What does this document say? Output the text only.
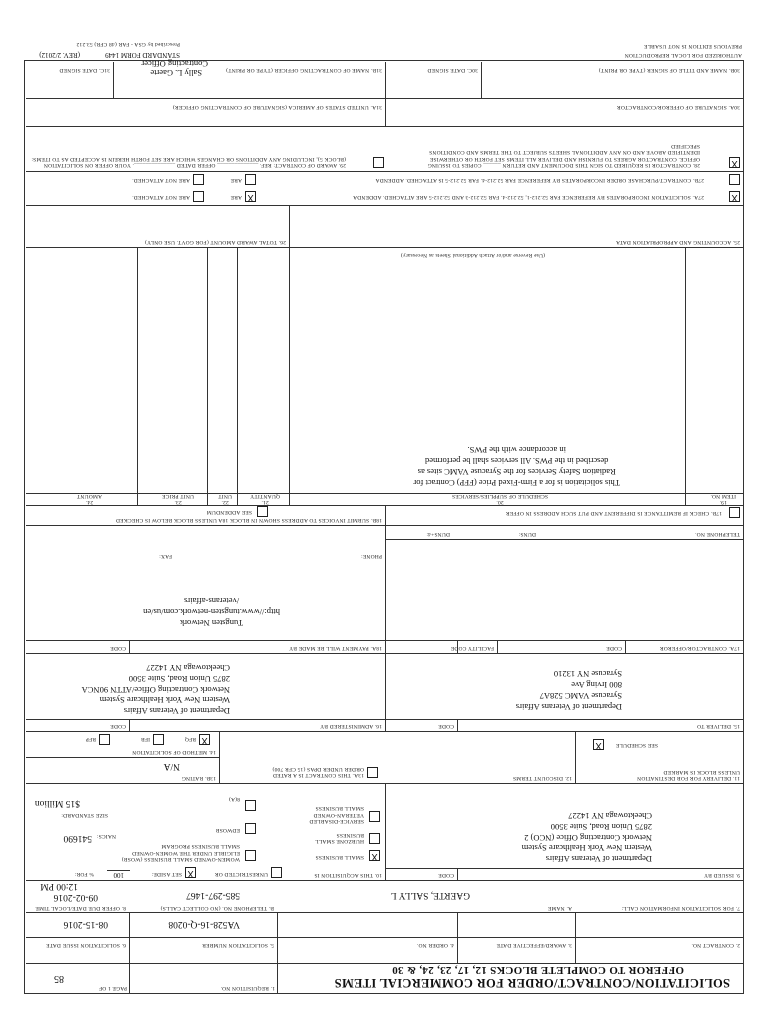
SOLICITATION/CONTRACT/ORDER FOR COMMERCIAL ITEMS
OFFEROR TO COMPLETE BLOCKS 12, 17, 23, 24, & 30
1. REQUISITION NO.
PAGE 1 OF
85
2. CONTRACT NO.
3. AWARD/EFFECTIVE DATE
4. ORDER NO.
5. SOLICITATION NUMBER
VA528-16-Q-0208
6. SOLICITATION ISSUE DATE
08-15-2016
7. FOR SOLICITATION INFORMATION CALL:
A. NAME
GAERTE, SALLY L
B. TELEPHONE NO. (NO COLLECT CALLS)
585-297-1467
8. OFFER DUE DATE/LOCAL TIME
09-02-2016
12:00 PM
9. ISSUED BY
CODE
Department of Veterans Affairs
Western New York Healthcare System
Network Contracting Office (NCO) 2
2875 Union Road, Suite 3500
Cheektowaga NY 14227
10. THIS ACQUISITION IS
UNRESTRICTED OR
X
SET ASIDE:
100
% FOR:
X
SMALL BUSINESS
HUBZONE SMALL BUSINESS
SERVICE-DISABLED VETERAN-OWNED SMALL BUSINESS
WOMEN-OWNED SMALL BUSINESS (WOSB) ELIGIBLE UNDER THE WOMEN-OWNED SMALL BUSINESS PROGRAM
EDWOSB
8(A)
NAICS:
541690
SIZE STANDARD:
$15 Million
11. DELIVERY FOR FOB DESTINATION UNLESS BLOCK IS MARKED
X	SEE SCHEDULE
12. DISCOUNT TERMS
13A. THIS CONTRACT IS A RATED ORDER UNDER DPAS (15 CFR 700)
13B. RATING
N/A
14. METHOD OF SOLICITATION
X
RFQ
IFB
RFP
15. DELIVER TO
CODE
Department of Veterans Affairs
Syracuse VAMC 528A7
800 Irving Ave
Syracuse NY 13210
16. ADMINISTERED BY
CODE
Department of Veterans Affairs
Western New York Healthcare System
Network Contracting Office/ATTN 90NCA
2875 Union Road, Suite 3500
Cheektowaga NY 14227
17A. CONTRACTOR/OFFEROR
CODE
FACILITY CODE
18A. PAYMENT WILL BE MADE BY
CODE
Tungsten Network
http://www.tungsten-network.com/us/en
/veterans-affairs
PHONE:
FAX:
TELEPHONE NO.
DUNS:
DUNS+4:
17B. CHECK IF REMITTANCE IS DIFFERENT AND PUT SUCH ADDRESS IN OFFER
18B. SUBMIT INVOICES TO ADDRESS SHOWN IN BLOCK 18A UNLESS BLOCK BELOW IS CHECKED
SEE ADDENDUM
19.
ITEM NO.
20.
SCHEDULE OF SUPPLIES/SERVICES
21.
QUANTITY
22.
UNIT
23.
UNIT PRICE
24.
AMOUNT
This solicitation is for a Firm-Fixed Price (FFP) Contract for
Radiation Safety Services for the Syracuse VAMC sites as
described in the PWS. All services shall be performed
in accordance with the PWS.
(Use Reverse and/or Attach Additional Sheets as Necessary)
25. ACCOUNTING AND APPROPRIATION DATA
26. TOTAL AWARD AMOUNT (FOR GOVT. USE ONLY)
X
27A. SOLICITATION INCORPORATES BY REFERENCE FAR 52.212-1, 52.212-4. FAR 52.212-3 AND 52.212-5 ARE ATTACHED. ADDENDA
X
ARE
ARE NOT ATTACHED.
27B. CONTRACT/PURCHASE ORDER INCORPORATES BY REFERENCE FAR 52.212-4. FAR 52.212-5 IS ATTACHED. ADDENDA
ARE
ARE NOT ATTACHED.
X
28. CONTRACTOR IS REQUIRED TO SIGN THIS DOCUMENT AND RETURN ______ COPIES TO ISSUING OFFICE. CONTRACTOR AGREES TO FURNISH AND DELIVER ALL ITEMS SET FORTH OR OTHERWISE IDENTIFIED ABOVE AND ON ANY ADDITIONAL SHEETS SUBJECT TO THE TERMS AND CONDITIONS SPECIFIED
29. AWARD OF CONTRACT: REF. ______________ OFFER DATED ______________. YOUR OFFER ON SOLICITATION (BLOCK 5), INCLUDING ANY ADDITIONS OR CHANGES WHICH ARE SET FORTH HEREIN IS ACCEPTED AS TO ITEMS:
30A. SIGNATURE OF OFFEROR/CONTRACTOR
31A. UNITED STATES OF AMERICA (SIGNATURE OF CONTRACTING OFFICER)
30B. NAME AND TITLE OF SIGNER (TYPE OR PRINT)
30C. DATE SIGNED
31B. NAME OF CONTRACTING OFFICER (TYPE OR PRINT)
Sally L. Gaerte
Contracting Officer
31C. DATE SIGNED
AUTHORIZED FOR LOCAL REPRODUCTION
PREVIOUS EDITION IS NOT USABLE
STANDARD FORM 1449
(REV. 2/2012)
Prescribed by GSA - FAR (48 CFR) 53.212
